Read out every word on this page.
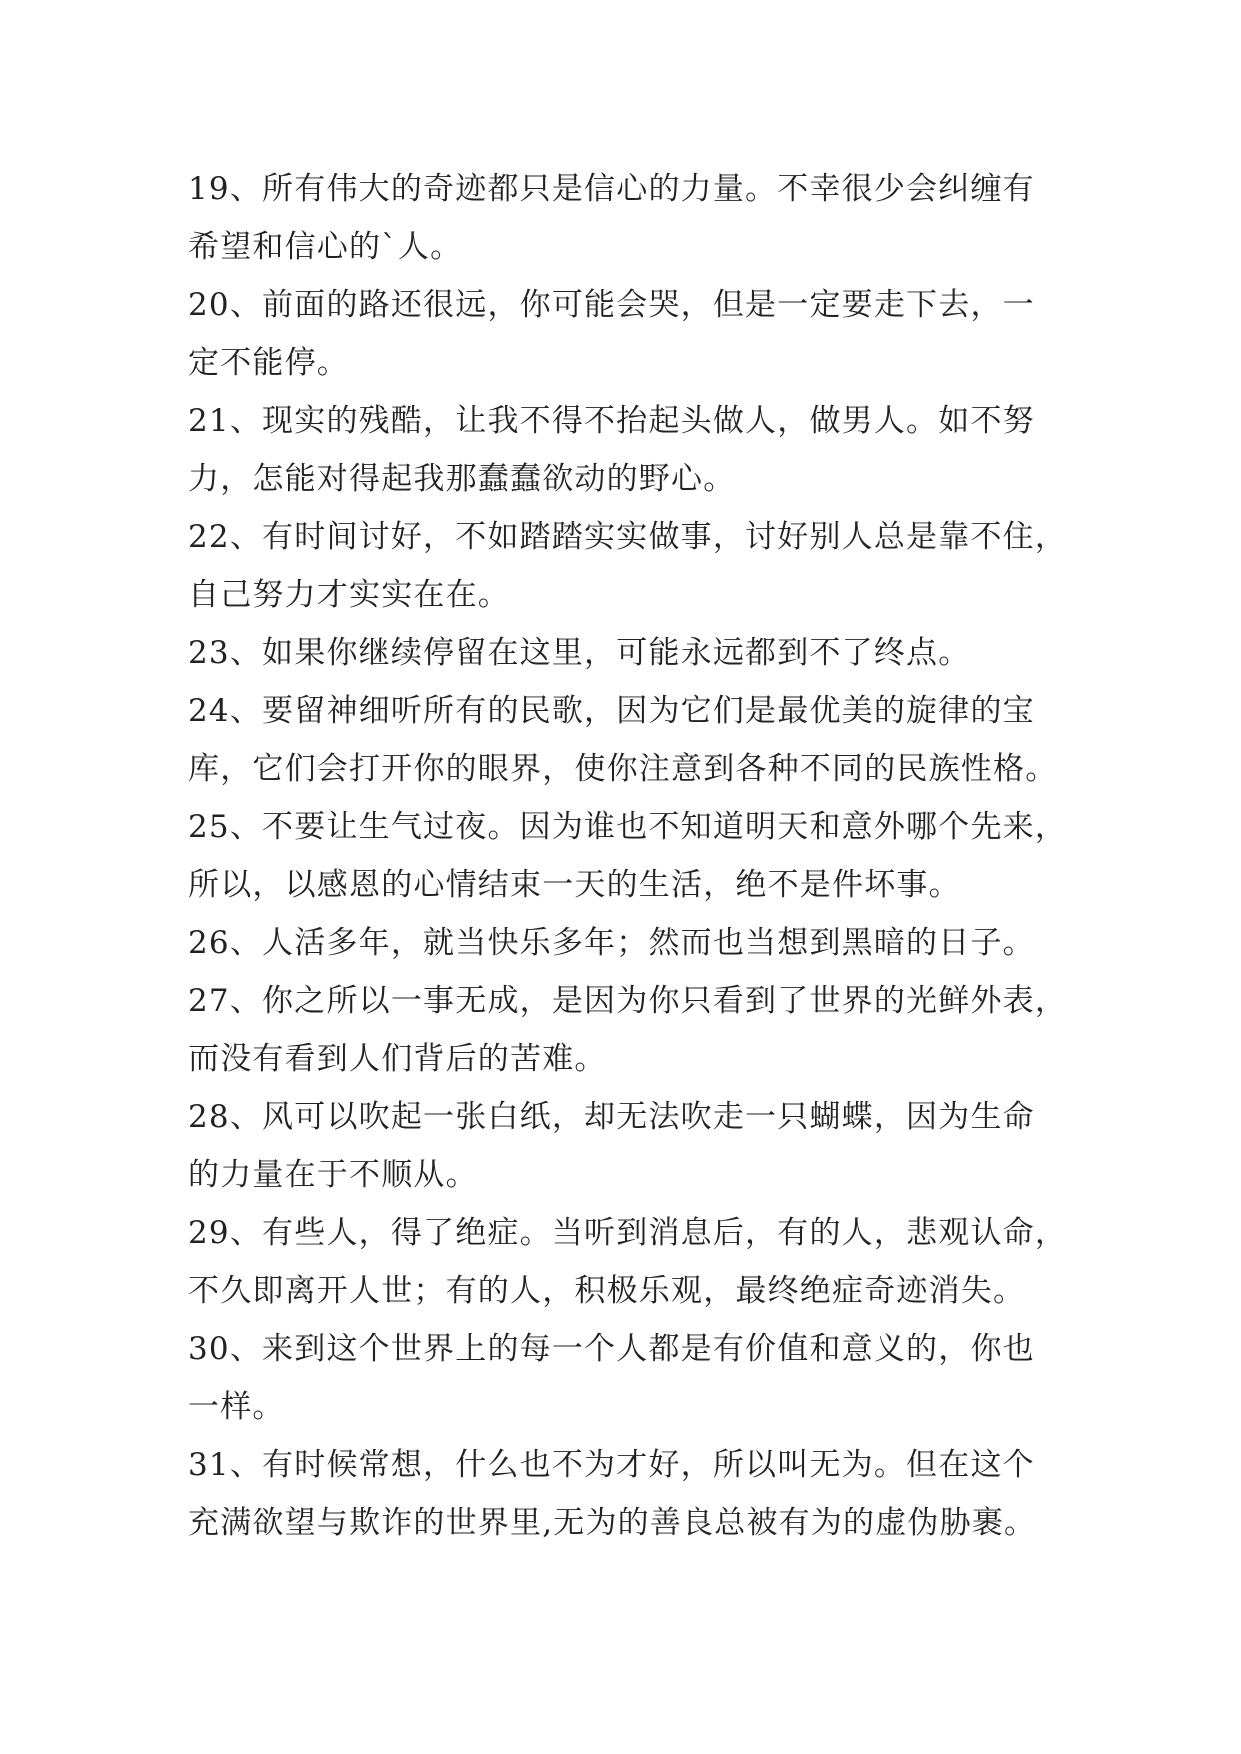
19、所有伟大的奇迹都只是信心的力量。不幸很少会纠缠有
希望和信心的`人。
20、前面的路还很远，你可能会哭，但是一定要走下去，一
定不能停。
21、现实的残酷，让我不得不抬起头做人，做男人。如不努
力，怎能对得起我那蠢蠢欲动的野心。
22、有时间讨好，不如踏踏实实做事，讨好别人总是靠不住，
自己努力才实实在在。
23、如果你继续停留在这里，可能永远都到不了终点。
24、要留神细听所有的民歌，因为它们是最优美的旋律的宝
库，它们会打开你的眼界，使你注意到各种不同的民族性格。
25、不要让生气过夜。因为谁也不知道明天和意外哪个先来，
所以，以感恩的心情结束一天的生活，绝不是件坏事。
26、人活多年，就当快乐多年；然而也当想到黑暗的日子。
27、你之所以一事无成，是因为你只看到了世界的光鲜外表，
而没有看到人们背后的苦难。
28、风可以吹起一张白纸，却无法吹走一只蝴蝶，因为生命
的力量在于不顺从。
29、有些人，得了绝症。当听到消息后，有的人，悲观认命，
不久即离开人世；有的人，积极乐观，最终绝症奇迹消失。
30、来到这个世界上的每一个人都是有价值和意义的，你也
一样。
31、有时候常想，什么也不为才好，所以叫无为。但在这个
充满欲望与欺诈的世界里,无为的善良总被有为的虚伪胁裹。
